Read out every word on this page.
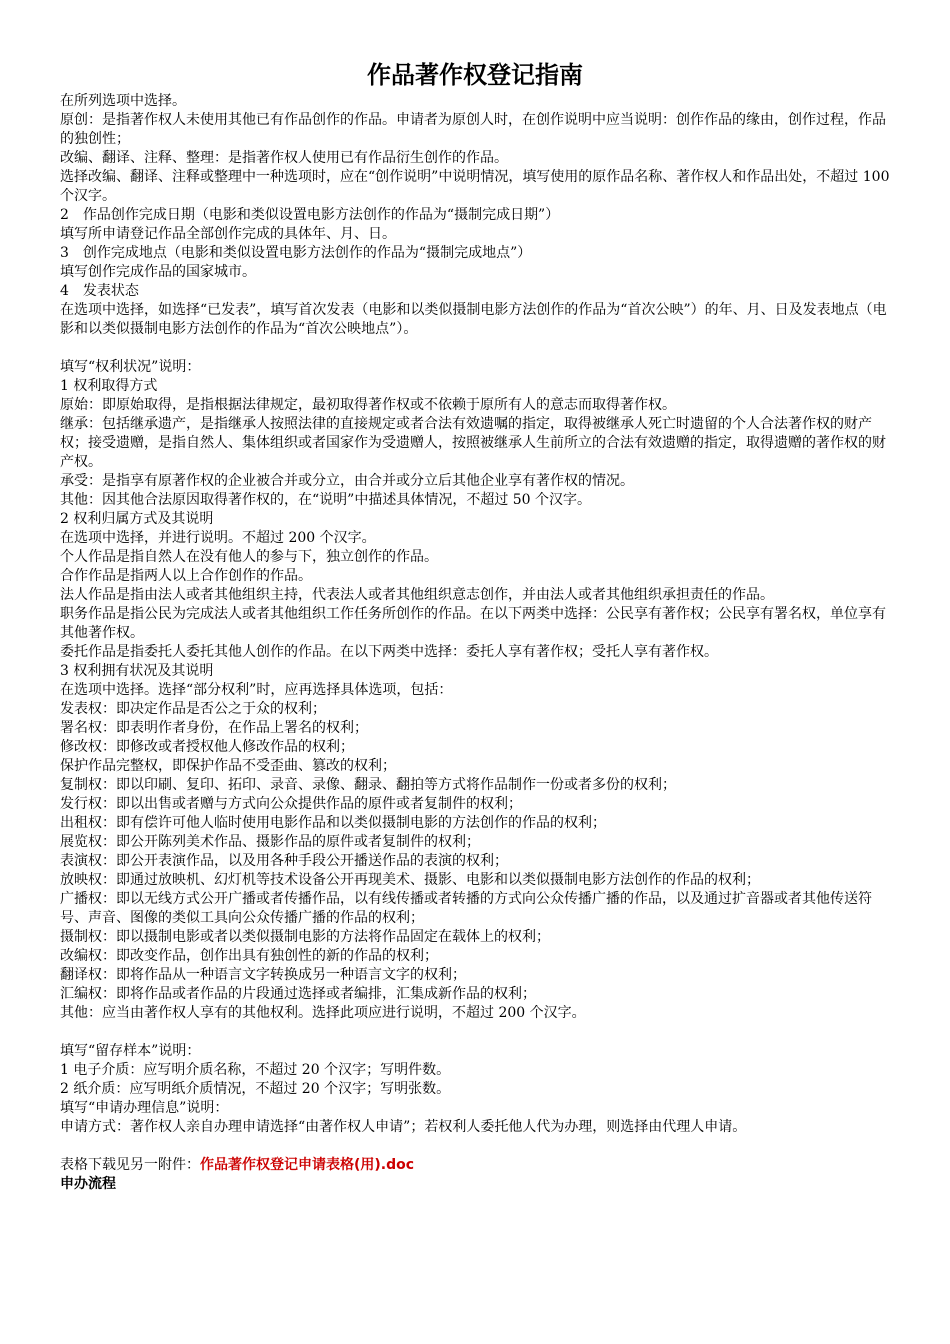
作品著作权登记指南

在所列选项中选择。

原创：是指著作权人未使用其他已有作品创作的作品。申请者为原创人时，在创作说明中应当说明：创作作品的缘由，创作过程，作品的独创性；

改编、翻译、注释、整理：是指著作权人使用已有作品衍生创作的作品。

选择改编、翻译、注释或整理中一种选项时，应在“创作说明”中说明情况，填写使用的原作品名称、著作权人和作品出处，不超过 100 个汉字。

2　作品创作完成日期（电影和类似设置电影方法创作的作品为“摄制完成日期”）

填写所申请登记作品全部创作完成的具体年、月、日。

3　创作完成地点（电影和类似设置电影方法创作的作品为“摄制完成地点”）

填写创作完成作品的国家城市。

4　发表状态

在选项中选择，如选择“已发表”，填写首次发表（电影和以类似摄制电影方法创作的作品为“首次公映”）的年、月、日及发表地点（电影和以类似摄制电影方法创作的作品为“首次公映地点”）。

填写“权利状况”说明：

1 权利取得方式

原始：即原始取得，是指根据法律规定，最初取得著作权或不依赖于原所有人的意志而取得著作权。

继承：包括继承遗产，是指继承人按照法律的直接规定或者合法有效遗嘱的指定，取得被继承人死亡时遗留的个人合法著作权的财产权；接受遗赠，是指自然人、集体组织或者国家作为受遗赠人，按照被继承人生前所立的合法有效遗赠的指定，取得遗赠的著作权的财产权。

承受：是指享有原著作权的企业被合并或分立，由合并或分立后其他企业享有著作权的情况。

其他：因其他合法原因取得著作权的，在“说明”中描述具体情况，不超过 50 个汉字。

2 权利归属方式及其说明

在选项中选择，并进行说明。不超过 200 个汉字。

个人作品是指自然人在没有他人的参与下，独立创作的作品。

合作作品是指两人以上合作创作的作品。

法人作品是指由法人或者其他组织主持，代表法人或者其他组织意志创作，并由法人或者其他组织承担责任的作品。

职务作品是指公民为完成法人或者其他组织工作任务所创作的作品。在以下两类中选择：公民享有著作权；公民享有署名权，单位享有其他著作权。

委托作品是指委托人委托其他人创作的作品。在以下两类中选择：委托人享有著作权；受托人享有著作权。

3 权利拥有状况及其说明

在选项中选择。选择“部分权利”时，应再选择具体选项，包括：

发表权：即决定作品是否公之于众的权利；

署名权：即表明作者身份，在作品上署名的权利；

修改权：即修改或者授权他人修改作品的权利；

保护作品完整权，即保护作品不受歪曲、篡改的权利；

复制权：即以印刷、复印、拓印、录音、录像、翻录、翻拍等方式将作品制作一份或者多份的权利；

发行权：即以出售或者赠与方式向公众提供作品的原件或者复制件的权利；

出租权：即有偿许可他人临时使用电影作品和以类似摄制电影的方法创作的作品的权利；

展览权：即公开陈列美术作品、摄影作品的原件或者复制件的权利；

表演权：即公开表演作品，以及用各种手段公开播送作品的表演的权利；

放映权：即通过放映机、幻灯机等技术设备公开再现美术、摄影、电影和以类似摄制电影方法创作的作品的权利；

广播权：即以无线方式公开广播或者传播作品，以有线传播或者转播的方式向公众传播广播的作品，以及通过扩音器或者其他传送符号、声音、图像的类似工具向公众传播广播的作品的权利；

摄制权：即以摄制电影或者以类似摄制电影的方法将作品固定在载体上的权利；

改编权：即改变作品，创作出具有独创性的新的作品的权利；

翻译权：即将作品从一种语言文字转换成另一种语言文字的权利；

汇编权：即将作品或者作品的片段通过选择或者编排，汇集成新作品的权利；

其他：应当由著作权人享有的其他权利。选择此项应进行说明，不超过 200 个汉字。

填写“留存样本”说明：

1 电子介质：应写明介质名称，不超过 20 个汉字；写明件数。

2 纸介质：应写明纸介质情况，不超过 20 个汉字；写明张数。

填写“申请办理信息”说明：

申请方式：著作权人亲自办理申请选择“由著作权人申请”；若权利人委托他人代为办理，则选择由代理人申请。

表格下载见另一附件：作品著作权登记申请表格(用).doc

申办流程
